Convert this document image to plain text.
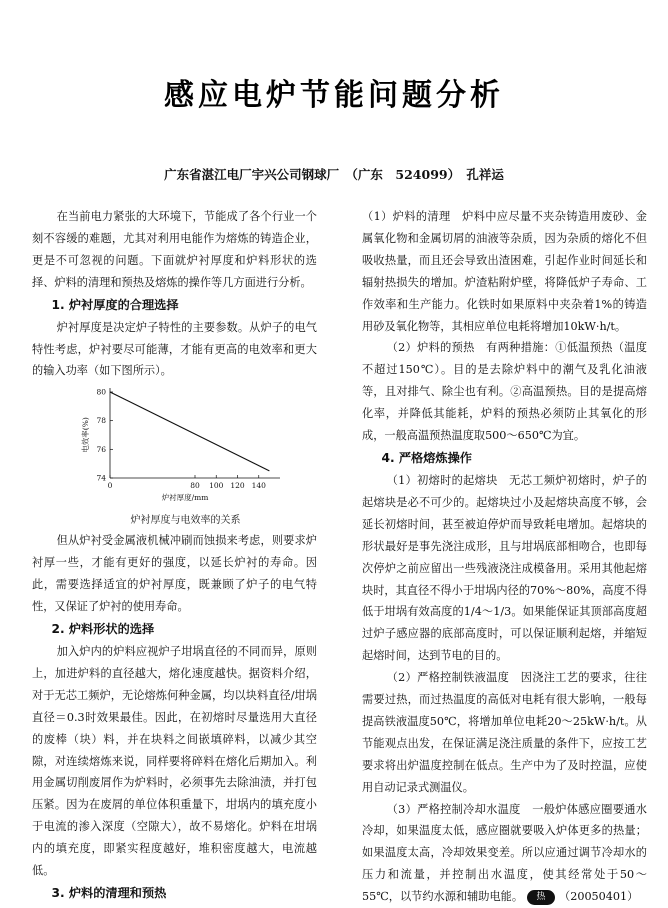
感应电炉节能问题分析
广东省湛江电厂宇兴公司钢球厂　（广东　524099）　孔祥运

在当前电力紧张的大环境下，节能成了各个行业一个刻不容缓的难题，尤其对利用电能作为熔炼的铸造企业，更是不可忽视的问题。下面就炉衬厚度和炉料形状的选择、炉料的清理和预热及熔炼的操作等几方面进行分析。

1. 炉衬厚度的合理选择

炉衬厚度是决定炉子特性的主要参数。从炉子的电气特性考虑，炉衬要尽可能薄，才能有更高的电效率和更大的输入功率（如下图所示）。

74
76
78
80
0	80 100 120 140
炉衬厚度/mm
电效率(%)

炉衬厚度与电效率的关系

但从炉衬受金属液机械冲刷而蚀损来考虑，则要求炉衬厚一些，才能有更好的强度，以延长炉衬的寿命。因此，需要选择适宜的炉衬厚度，既兼顾了炉子的电气特性，又保证了炉衬的使用寿命。

2. 炉料形状的选择

加入炉内的炉料应视炉子坩埚直径的不同而异，原则上，加进炉料的直径越大，熔化速度越快。据资料介绍，对于无芯工频炉，无论熔炼何种金属，均以块料直径/坩埚直径＝0.3时效果最佳。因此，在初熔时尽量选用大直径的废棒（块）料，并在块料之间嵌填碎料，以减少其空隙，对连续熔炼来说，同样要将碎料在熔化后期加入。利用金属切削废屑作为炉料时，必须事先去除油渍，并打包压紧。因为在废屑的单位体积重量下，坩埚内的填充度小于电流的渗入深度（空隙大），故不易熔化。炉料在坩埚内的填充度，即紧实程度越好，堆积密度越大，电流越低。

3. 炉料的清理和预热

（1）炉料的清理　炉料中应尽量不夹杂铸造用废砂、金属氧化物和金属切屑的油液等杂质，因为杂质的熔化不但吸收热量，而且还会导致出渣困难，引起作业时间延长和辐射热损失的增加。炉渣粘附炉壁，将降低炉子寿命、工作效率和生产能力。化铁时如果原料中夹杂着1%的铸造用砂及氧化物等，其相应单位电耗将增加10kW·h/t。

（2）炉料的预热　有两种措施：①低温预热（温度不超过150℃）。目的是去除炉料中的潮气及乳化油液等，且对排气、除尘也有利。②高温预热。目的是提高熔化率，并降低其能耗，炉料的预热必须防止其氧化的形成，一般高温预热温度取500～650℃为宜。

4. 严格熔炼操作

（1）初熔时的起熔块　无芯工频炉初熔时，炉子的起熔块是必不可少的。起熔块过小及起熔块高度不够，会延长初熔时间，甚至被迫停炉而导致耗电增加。起熔块的形状最好是事先浇注成形，且与坩埚底部相吻合，也即每次停炉之前应留出一些残液浇注成模备用。采用其他起熔块时，其直径不得小于坩埚内径的70%～80%，高度不得低于坩埚有效高度的1/4～1/3。如果能保证其顶部高度超过炉子感应器的底部高度时，可以保证顺利起熔，并缩短起熔时间，达到节电的目的。

（2）严格控制铁液温度　因浇注工艺的要求，往往需要过热，而过热温度的高低对电耗有很大影响，一般每提高铁液温度50℃，将增加单位电耗20～25kW·h/t。从节能观点出发，在保证满足浇注质量的条件下，应按工艺要求将出炉温度控制在低点。生产中为了及时控温，应使用自动记录式测温仪。

（3）严格控制冷却水温度　一般炉体感应圈要通水冷却，如果温度太低，感应圈就要吸入炉体更多的热量；如果温度太高，冷却效果变差。所以应通过调节冷却水的压力和流量，并控制出水温度，使其经常处于50～55℃，以节约水源和辅助电能。 热 （20050401）
